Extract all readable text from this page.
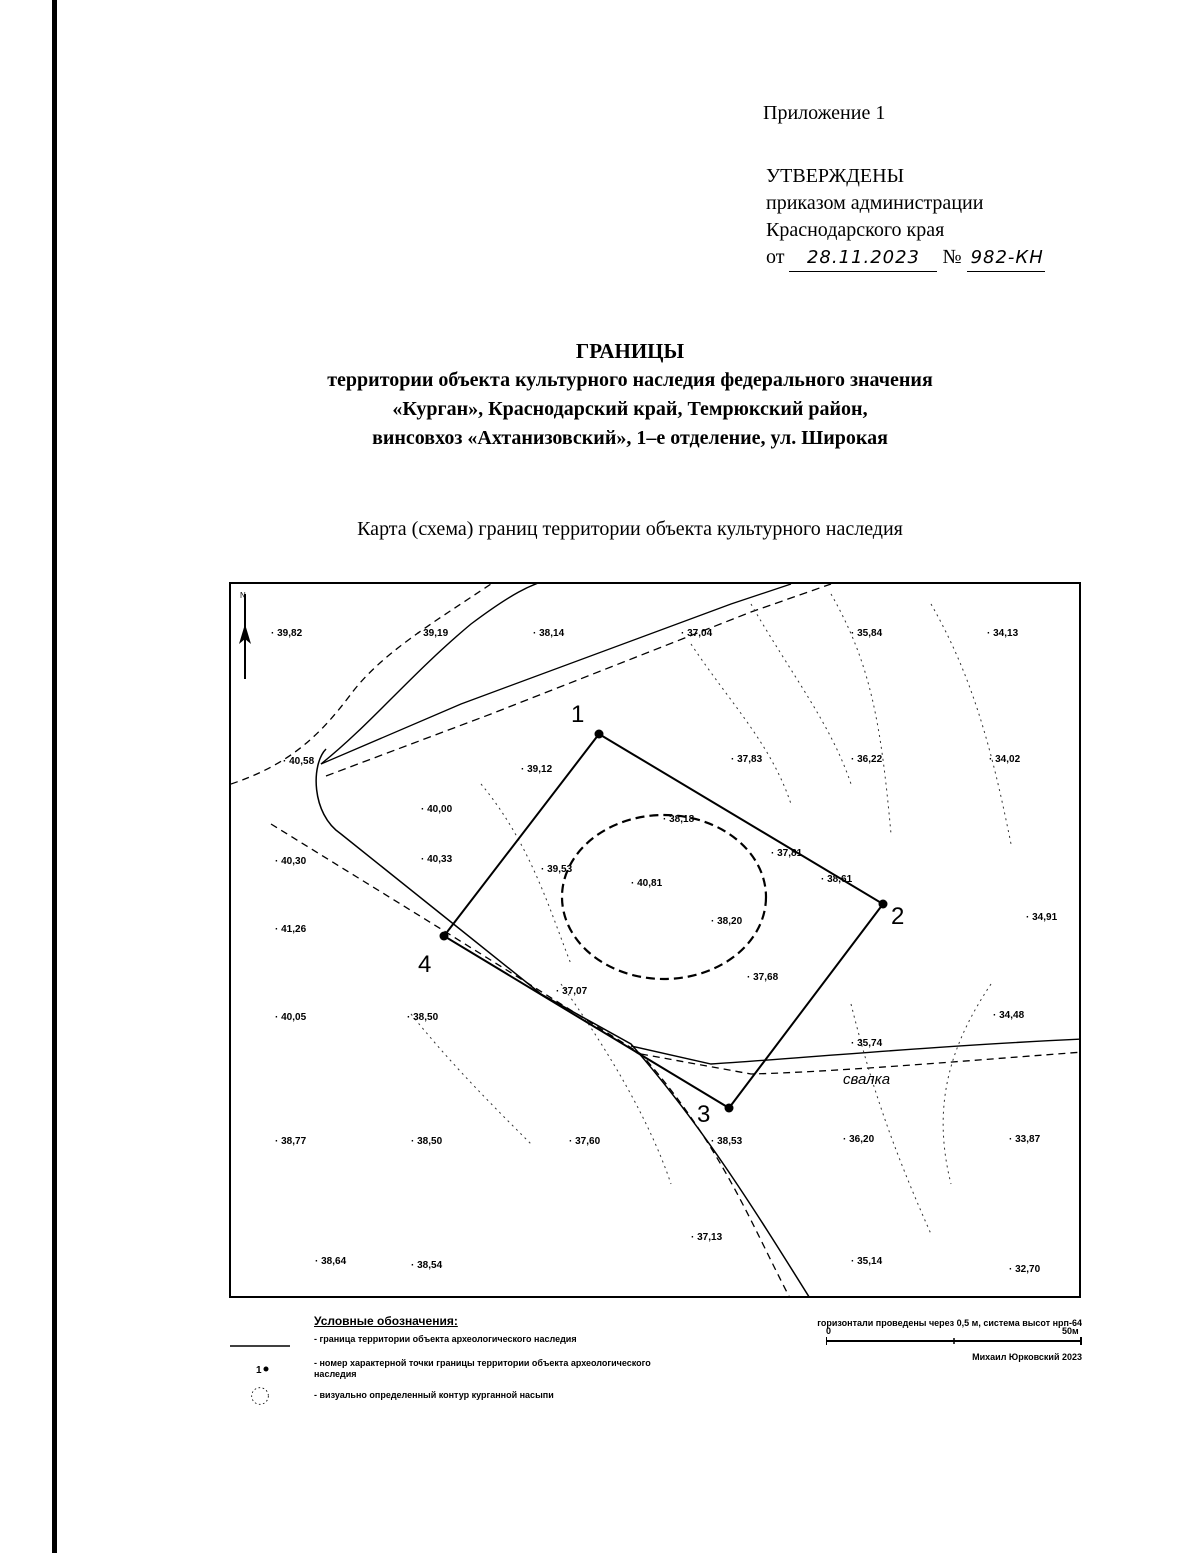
Приложение 1
УТВЕРЖДЕНЫ
приказом администрации
Краснодарского края
от 28.11.2023 № 982-КН
ГРАНИЦЫ
территории объекта культурного наследия федерального значения
«Курган», Краснодарский край, Темрюкский район,
винсовхоз «Ахтанизовский», 1–е отделение, ул. Широкая
Карта (схема) границ территории объекта культурного наследия
N
1
2
3
4
· 39,82	· 39,19	· 38,14	· 37,04	· 35,84	· 34,13
· 40,58
· 39,12
· 37,83	· 36,22	· 34,02
· 40,00
· 38,18
· 40,30	· 40,33
· 39,53
· 40,81
· 38,20
· 37,81
· 38,61
· 41,26
· 34,91
· 37,68
· 40,05	· 38,50
· 37,07
· 35,74
· 34,48
· 38,77	· 38,50	· 37,60	· 38,53	· 36,20	· 33,87
· 38,64	· 38,54
· 37,13
· 35,14
· 32,70
свалка
Условные обозначения:
- граница территории объекта археологического наследия
1
- номер характерной точки границы территории объекта археологического наследия
- визуально определенный контур курганной насыпи
горизонтали проведены через 0,5 м, система высот нрп-64
0	50м
Михаил Юрковский 2023
